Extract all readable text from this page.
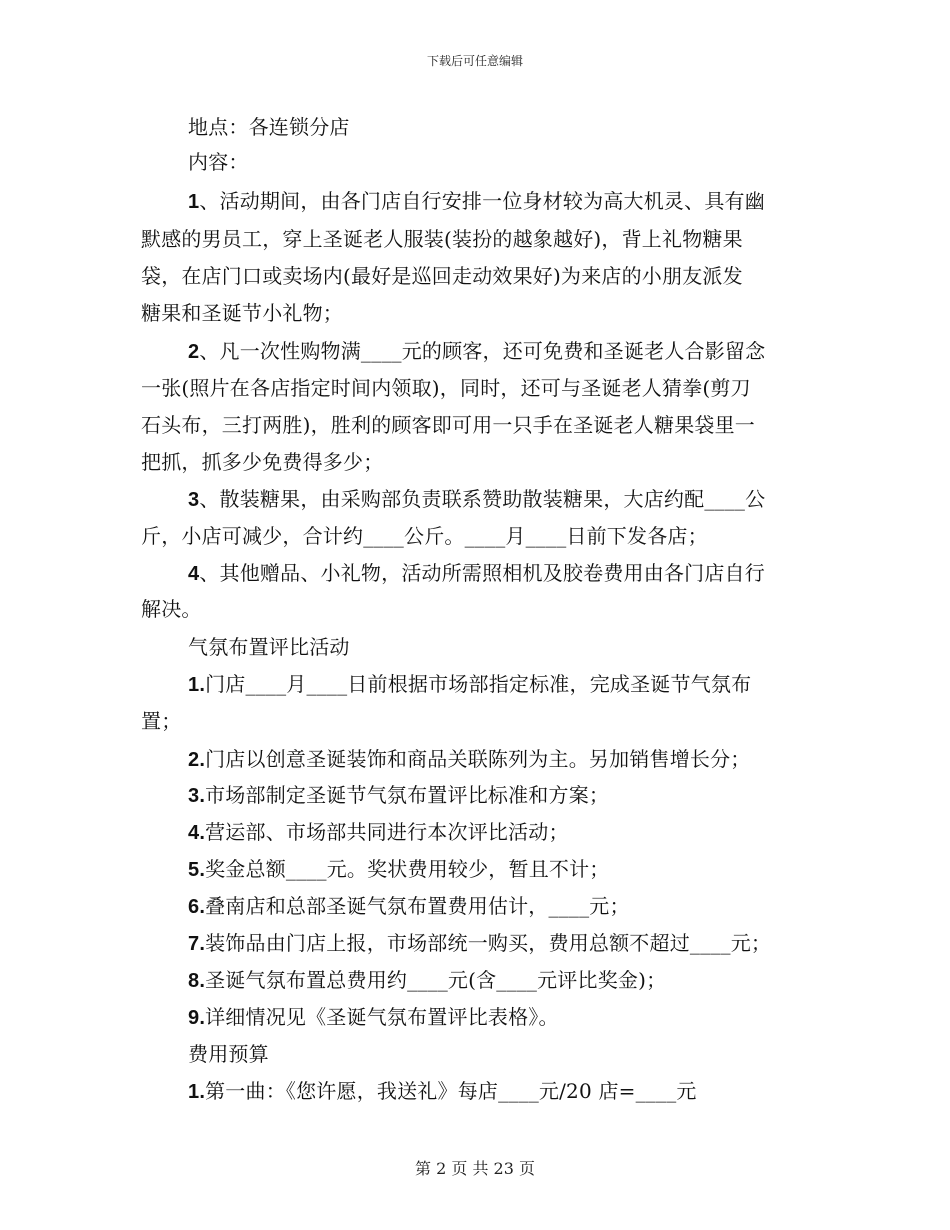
下载后可任意编辑
地点：各连锁分店
内容：
1、活动期间，由各门店自行安排一位身材较为高大机灵、具有幽
默感的男员工，穿上圣诞老人服装(装扮的越象越好)，背上礼物糖果
袋，在店门口或卖场内(最好是巡回走动效果好)为来店的小朋友派发
糖果和圣诞节小礼物；
2、凡一次性购物满____元的顾客，还可免费和圣诞老人合影留念
一张(照片在各店指定时间内领取)，同时，还可与圣诞老人猜拳(剪刀
石头布，三打两胜)，胜利的顾客即可用一只手在圣诞老人糖果袋里一
把抓，抓多少免费得多少；
3、散装糖果，由采购部负责联系赞助散装糖果，大店约配____公
斤，小店可减少，合计约____公斤。____月____日前下发各店；
4、其他赠品、小礼物，活动所需照相机及胶卷费用由各门店自行
解决。
气氛布置评比活动
1.门店____月____日前根据市场部指定标准，完成圣诞节气氛布
置；
2.门店以创意圣诞装饰和商品关联陈列为主。另加销售增长分；
3.市场部制定圣诞节气氛布置评比标准和方案；
4.营运部、市场部共同进行本次评比活动；
5.奖金总额____元。奖状费用较少，暂且不计；
6.叠南店和总部圣诞气氛布置费用估计，____元；
7.装饰品由门店上报，市场部统一购买，费用总额不超过____元；
8.圣诞气氛布置总费用约____元(含____元评比奖金)；
9.详细情况见《圣诞气氛布置评比表格》。
费用预算
1.第一曲：《您许愿，我送礼》每店____元/20 店=____元
第 2 页 共 23 页
